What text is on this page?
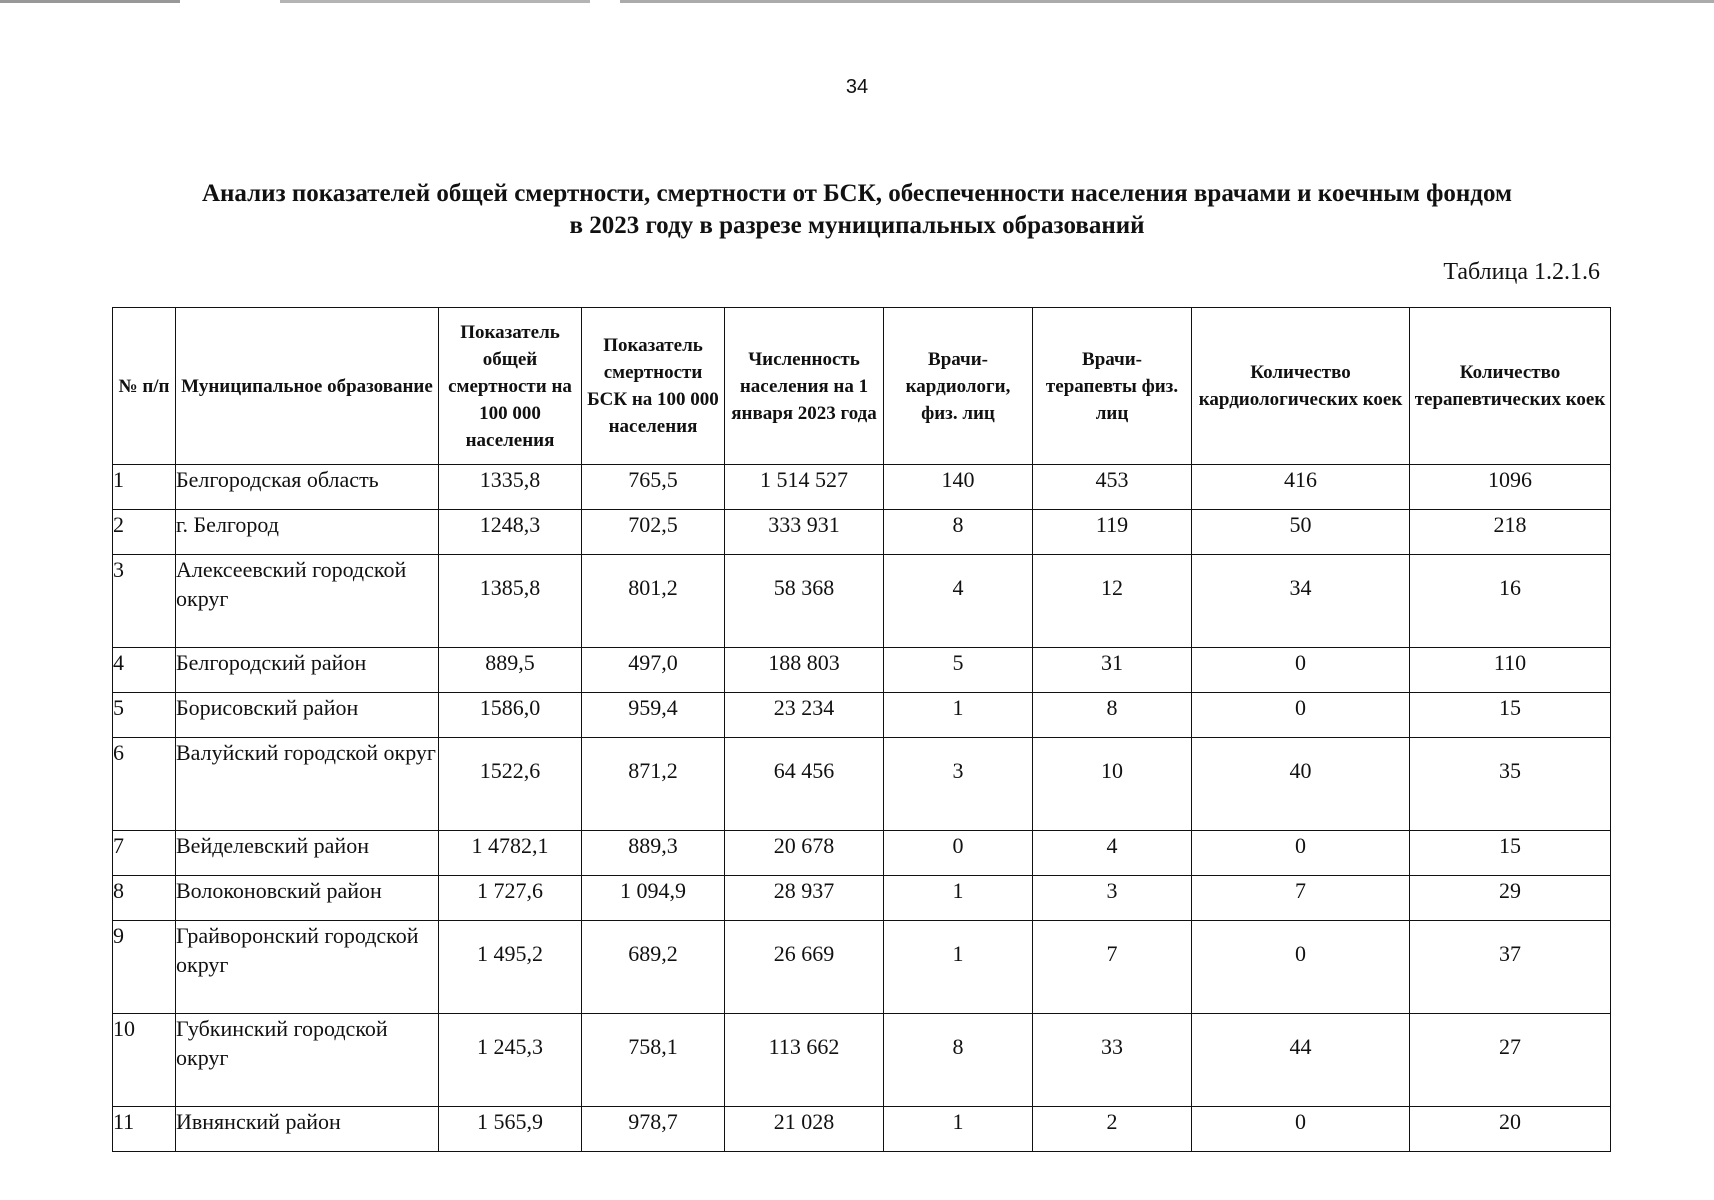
34
Анализ показателей общей смертности, смертности от БСК, обеспеченности населения врачами и коечным фондом
в 2023 году в разрезе муниципальных образований
Таблица 1.2.1.6
№ п/п	Муниципальное образование	Показатель общей смертности на 100 000 населения	Показатель смертности БСК на 100 000 населения	Численность населения на 1 января 2023 года	Врачи-кардиологи, физ. лиц	Врачи-терапевты физ. лиц	Количество кардиологических коек	Количество терапевтических коек
1	Белгородская область	1335,8	765,5	1 514 527	140	453	416	1096
2	г. Белгород	1248,3	702,5	333 931	8	119	50	218
3	Алексеевский городской округ	1385,8	801,2	58 368	4	12	34	16
4	Белгородский район	889,5	497,0	188 803	5	31	0	110
5	Борисовский район	1586,0	959,4	23 234	1	8	0	15
6	Валуйский городской округ	1522,6	871,2	64 456	3	10	40	35
7	Вейделевский район	1 4782,1	889,3	20 678	0	4	0	15
8	Волоконовский район	1 727,6	1 094,9	28 937	1	3	7	29
9	Грайворонский городской округ	1 495,2	689,2	26 669	1	7	0	37
10	Губкинский городской округ	1 245,3	758,1	113 662	8	33	44	27
11	Ивнянский район	1 565,9	978,7	21 028	1	2	0	20
